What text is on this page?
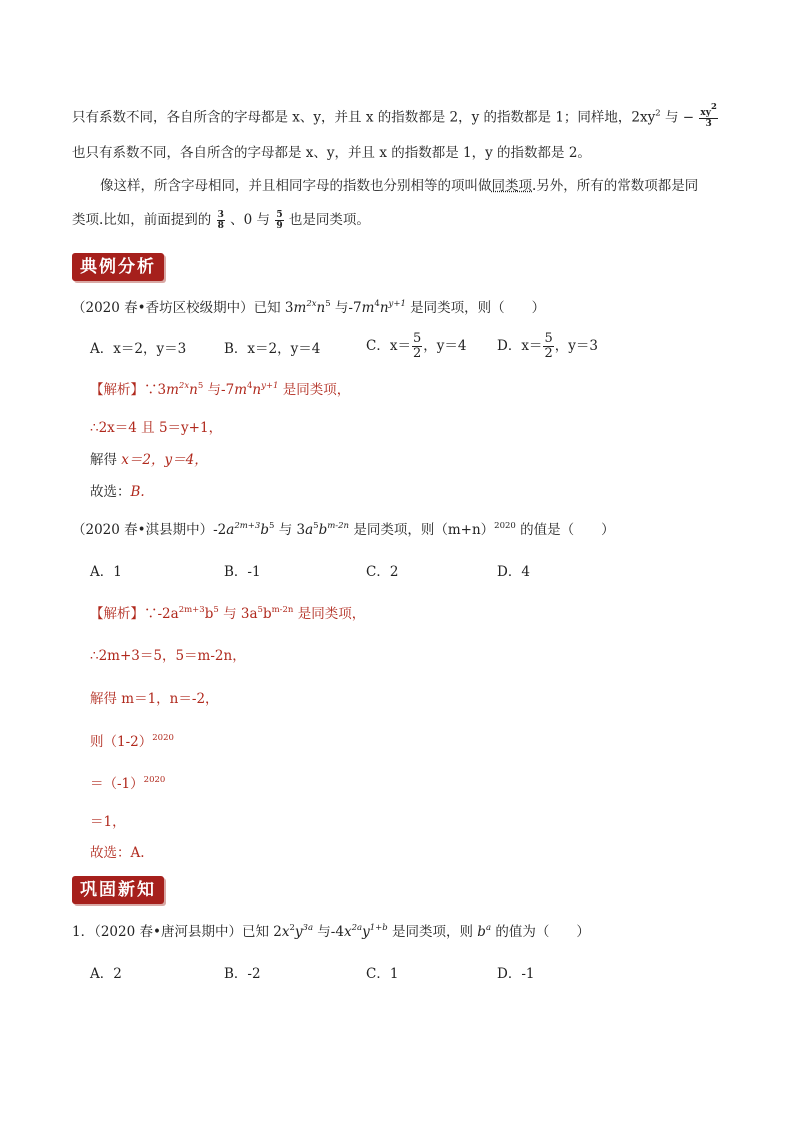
只有系数不同，各自所含的字母都是 x、y，并且 x 的指数都是 2，y 的指数都是 1；同样地，$2xy^2$ 与 − $\frac{xy^2}{3}$
也只有系数不同，各自所含的字母都是 x、y，并且 x 的指数都是 1，y 的指数都是 2。
像这样，所含字母相同，并且相同字母的指数也分别相等的项叫做同类项.另外，所有的常数项都是同
类项.比如，前面提到的 $\frac{3}{8}$ 、0 与 $\frac{5}{9}$ 也是同类项。
典例分析
（2020 春•香坊区校级期中）已知 $3m^{2x}n^5$ 与$-7m^4n^{y+1}$ 是同类项，则（　　）
A．x＝2，y＝3	B．x＝2，y＝4	C．$x= \frac{5}{2}$ ，y＝4 D．$x= \frac{5}{2}$ ，y＝3
【解析】$\because 3m^{2x}n^5$ 与$-7m^4n^{y+1}$ 是同类项，
∴2x＝4 且 5＝y+1，
解得 x＝2，y＝4，
故选：B.
（2020 春•淇县期中）$-2a^{2m+3}b^5$ 与 $3a^5b^{m-2n}$ 是同类项，则$(m+n)^{2020}$ 的值是（　　）
A．1	B．-1	C．2	D．4
【解析】$\because-2a^{2m+3}b^5$ 与 $3a^5b^{m-2n}$ 是同类项，
∴2m+3＝5，5＝m-2n，
解得 m＝1，n＝-2，
则$(1-2)^{2020}$
$=(-1)^{2020}$
＝1，
故选：A.
巩固新知
1．（2020 春•唐河县期中）已知 $2x^2y^{3a}$ 与$-4x^{2a}y^{1+b}$ 是同类项，则 $b^a$ 的值为（　　）
A．2	B．-2	C．1	D．-1
